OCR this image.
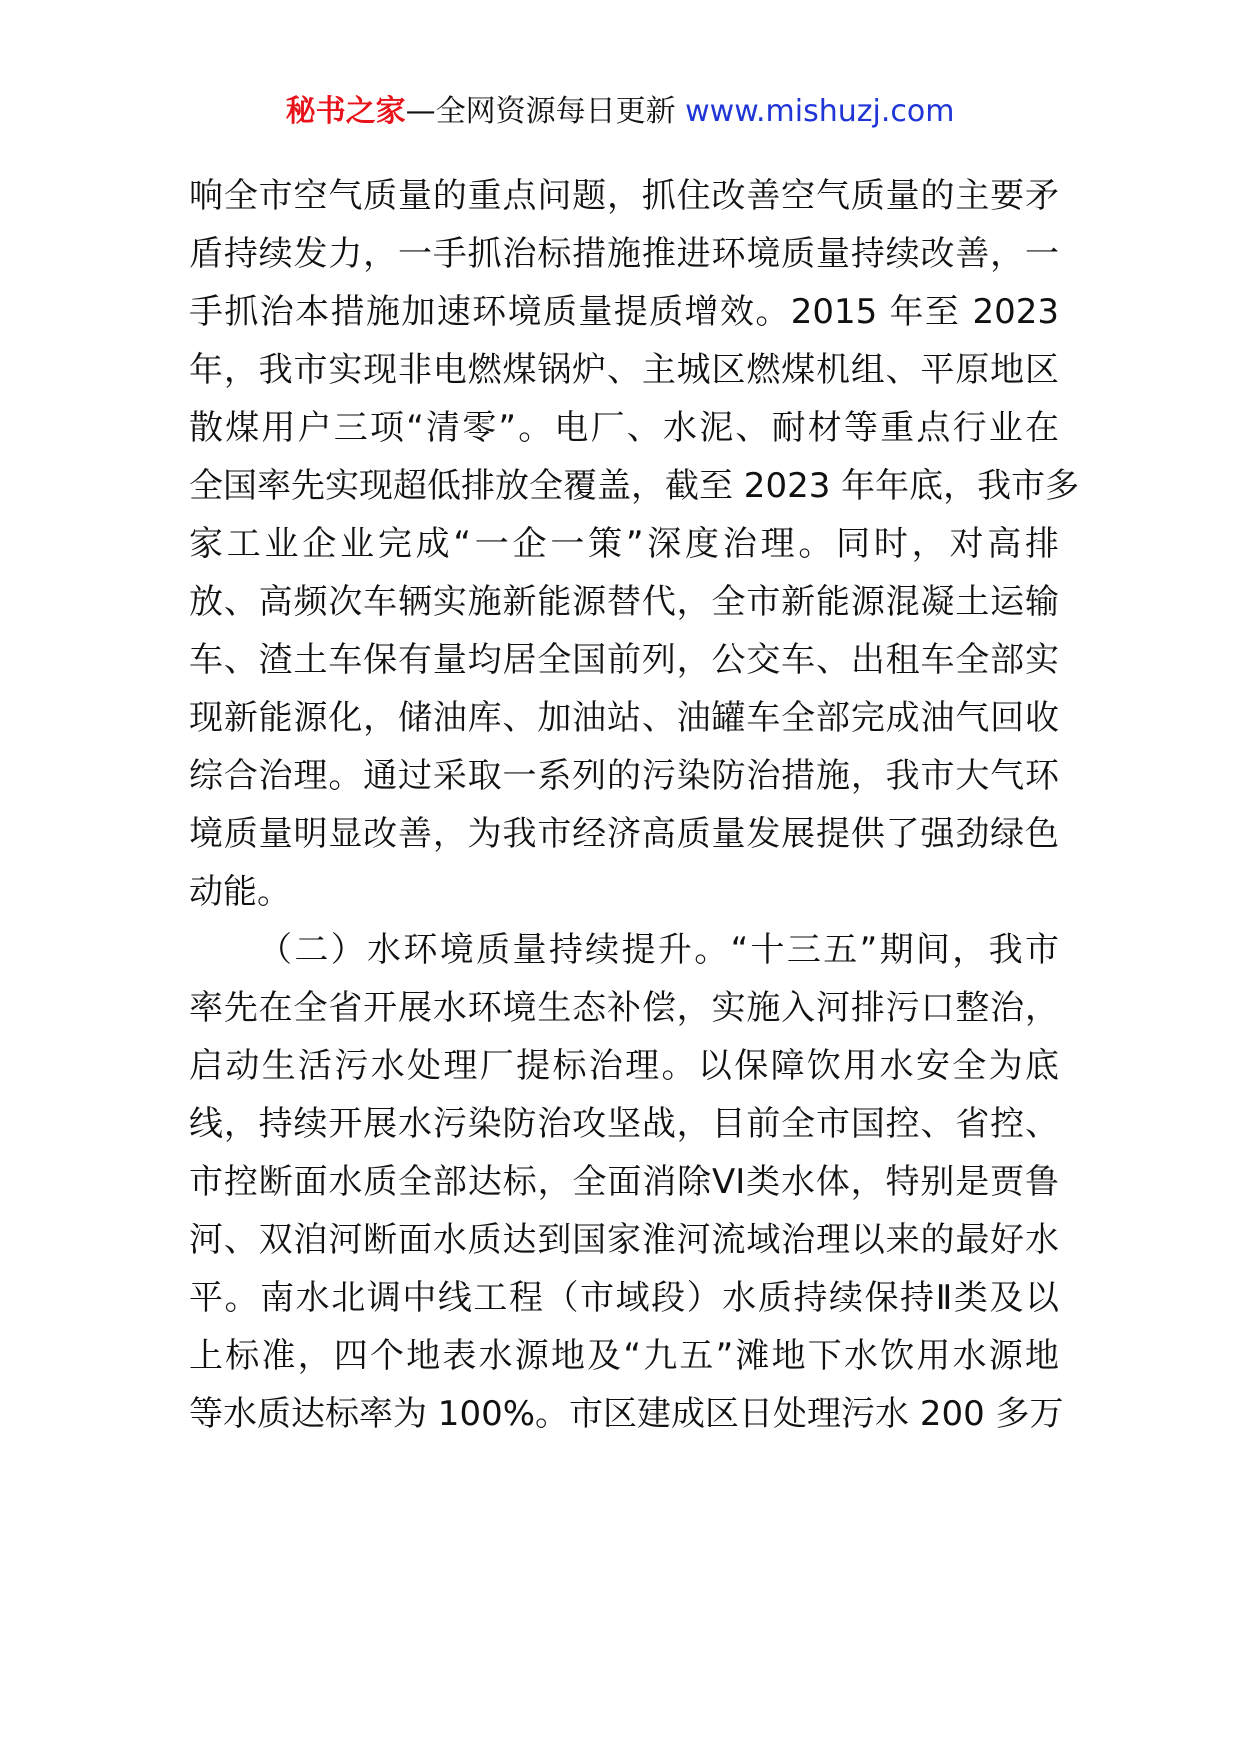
秘书之家—全网资源每日更新 www.mishuzj.com
响全市空气质量的重点问题，抓住改善空气质量的主要矛
盾持续发力，一手抓治标措施推进环境质量持续改善，一
手抓治本措施加速环境质量提质增效。2015 年至 2023
年，我市实现非电燃煤锅炉、主城区燃煤机组、平原地区
散煤用户三项“清零”。电厂、水泥、耐材等重点行业在
全国率先实现超低排放全覆盖，截至 2023 年年底，我市多
家工业企业完成“一企一策”深度治理。同时，对高排
放、高频次车辆实施新能源替代，全市新能源混凝土运输
车、渣土车保有量均居全国前列，公交车、出租车全部实
现新能源化，储油库、加油站、油罐车全部完成油气回收
综合治理。通过采取一系列的污染防治措施，我市大气环
境质量明显改善，为我市经济高质量发展提供了强劲绿色
动能。
（二）水环境质量持续提升。“十三五”期间，我市
率先在全省开展水环境生态补偿，实施入河排污口整治，
启动生活污水处理厂提标治理。以保障饮用水安全为底
线，持续开展水污染防治攻坚战，目前全市国控、省控、
市控断面水质全部达标，全面消除VI类水体，特别是贾鲁
河、双洎河断面水质达到国家淮河流域治理以来的最好水
平。南水北调中线工程（市域段）水质持续保持Ⅱ类及以
上标准，四个地表水源地及“九五”滩地下水饮用水源地
等水质达标率为 100%。市区建成区日处理污水 200 多万
